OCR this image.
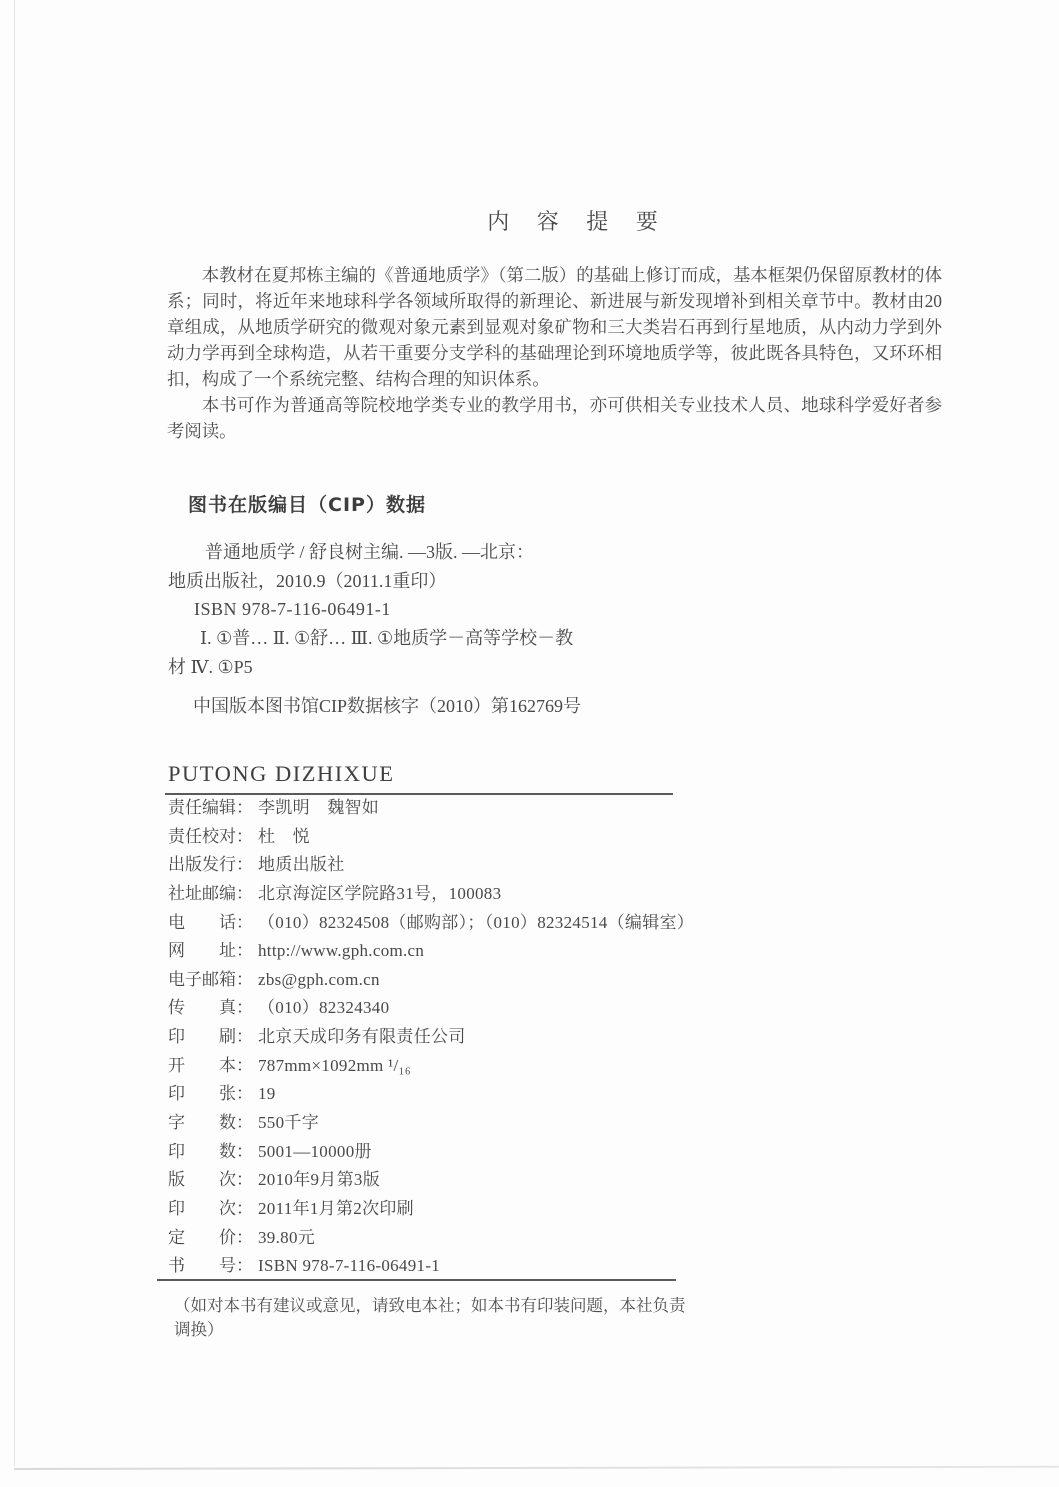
内 容 提 要

本教材在夏邦栋主编的《普通地质学》（第二版）的基础上修订而成，基本框架仍保留原教材的体系；同时，将近年来地球科学各领域所取得的新理论、新进展与新发现增补到相关章节中。教材由20章组成，从地质学研究的微观对象元素到显观对象矿物和三大类岩石再到行星地质，从内动力学到外动力学再到全球构造，从若干重要分支学科的基础理论到环境地质学等，彼此既各具特色，又环环相扣，构成了一个系统完整、结构合理的知识体系。

本书可作为普通高等院校地学类专业的教学用书，亦可供相关专业技术人员、地球科学爱好者参考阅读。

图书在版编目（CIP）数据
普通地质学 / 舒良树主编. —3版. —北京：
地质出版社，2010.9（2011.1重印）
ISBN 978-7-116-06491-1
Ⅰ. ①普… Ⅱ. ①舒… Ⅲ. ①地质学－高等学校－教
材 Ⅳ. ①P5
中国版本图书馆CIP数据核字（2010）第162769号
PUTONG DIZHIXUE
责任编辑 ： 李凯明　魏智如
责任校对 ： 杜　悦
出版发行 ： 地质出版社
社址邮编 ： 北京海淀区学院路31号，100083
电话 ： （010）82324508（邮购部）；（010）82324514（编辑室）
网址 ： http://www.gph.com.cn
电子邮箱 ： zbs@gph.com.cn
传真 ： （010）82324340
印刷 ： 北京天成印务有限责任公司
开本 ： 787mm×1092mm ¹/₁₆
印张 ： 19
字数 ： 550千字
印数 ： 5001—10000册
版次 ： 2010年9月第3版
印次 ： 2011年1月第2次印刷
定价 ： 39.80元
书号 ： ISBN 978-7-116-06491-1
（如对本书有建议或意见，请致电本社；如本书有印装问题，本社负责调换）
